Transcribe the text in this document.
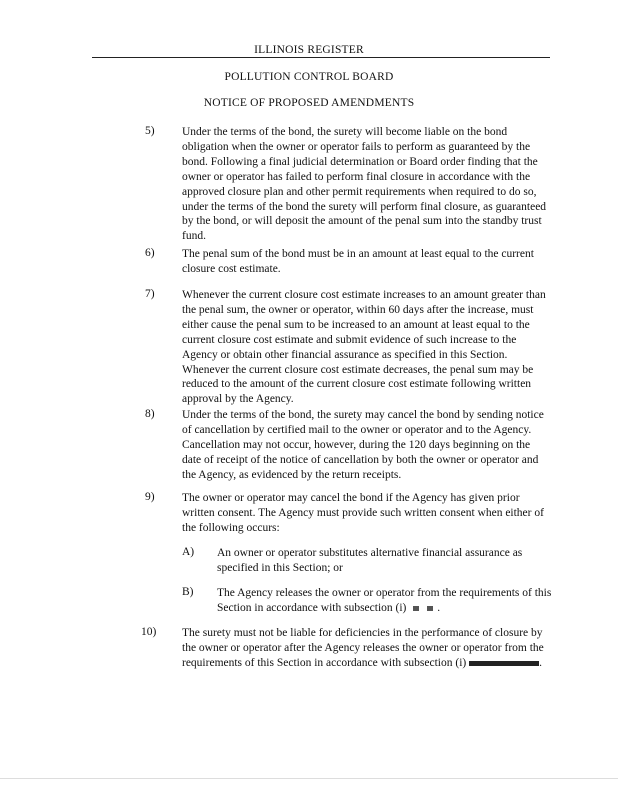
ILLINOIS REGISTER
POLLUTION CONTROL BOARD
NOTICE OF PROPOSED AMENDMENTS
5) Under the terms of the bond, the surety will become liable on the bond obligation when the owner or operator fails to perform as guaranteed by the bond. Following a final judicial determination or Board order finding that the owner or operator has failed to perform final closure in accordance with the approved closure plan and other permit requirements when required to do so, under the terms of the bond the surety will perform final closure, as guaranteed by the bond, or will deposit the amount of the penal sum into the standby trust fund.
6) The penal sum of the bond must be in an amount at least equal to the current closure cost estimate.
7) Whenever the current closure cost estimate increases to an amount greater than the penal sum, the owner or operator, within 60 days after the increase, must either cause the penal sum to be increased to an amount at least equal to the current closure cost estimate and submit evidence of such increase to the Agency or obtain other financial assurance as specified in this Section. Whenever the current closure cost estimate decreases, the penal sum may be reduced to the amount of the current closure cost estimate following written approval by the Agency.
8) Under the terms of the bond, the surety may cancel the bond by sending notice of cancellation by certified mail to the owner or operator and to the Agency. Cancellation may not occur, however, during the 120 days beginning on the date of receipt of the notice of cancellation by both the owner or operator and the Agency, as evidenced by the return receipts.
9) The owner or operator may cancel the bond if the Agency has given prior written consent. The Agency must provide such written consent when either of the following occurs:
A) An owner or operator substitutes alternative financial assurance as specified in this Section; or
B) The Agency releases the owner or operator from the requirements of this Section in accordance with subsection (i)	.
10) The surety must not be liable for deficiencies in the performance of closure by the owner or operator after the Agency releases the owner or operator from the requirements of this Section in accordance with subsection (i)	.
